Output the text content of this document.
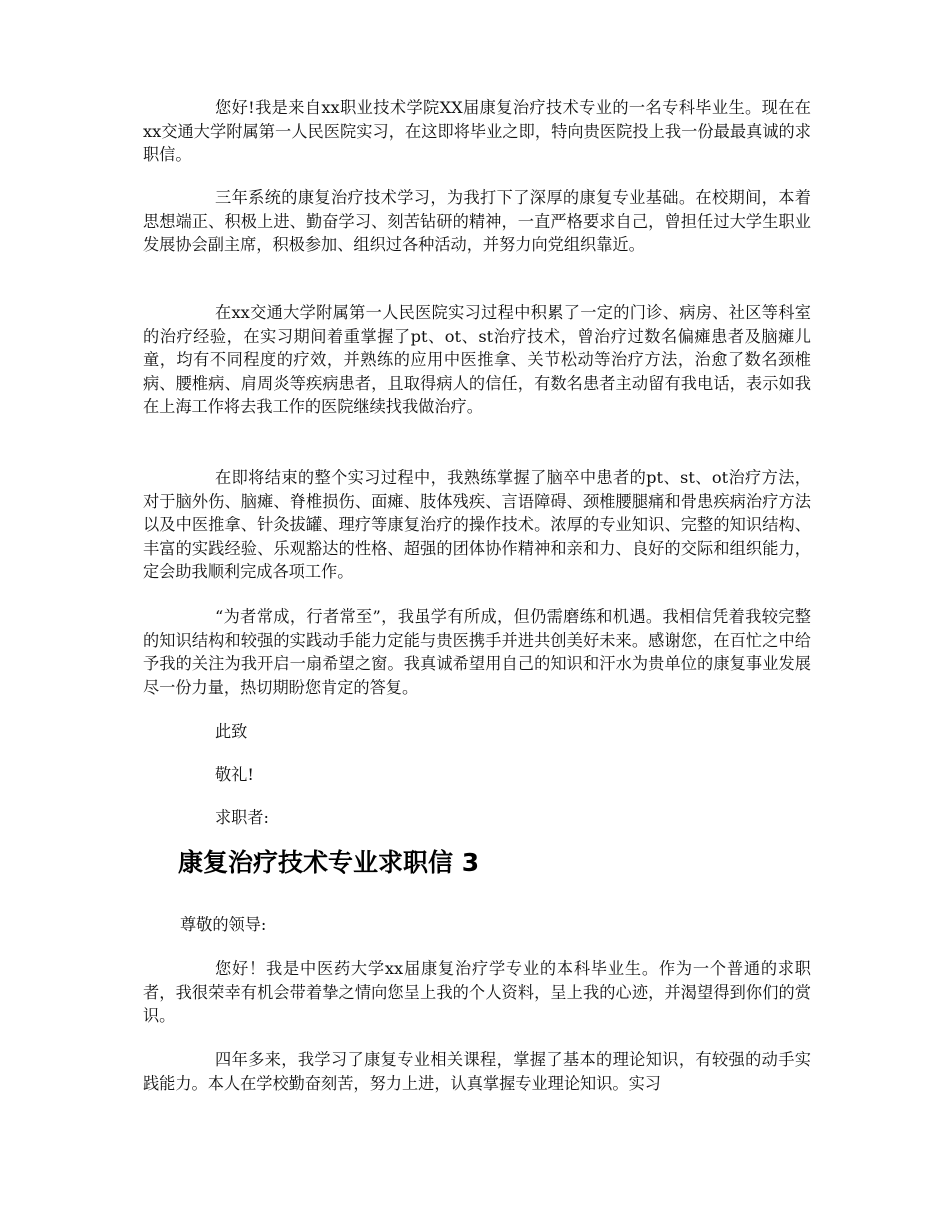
您好!我是来自xx职业技术学院XX届康复治疗技术专业的一名专科毕业生。现在在xx交通大学附属第一人民医院实习，在这即将毕业之即，特向贵医院投上我一份最最真诚的求职信。

三年系统的康复治疗技术学习，为我打下了深厚的康复专业基础。在校期间，本着思想端正、积极上进、勤奋学习、刻苦钻研的精神，一直严格要求自己，曾担任过大学生职业发展协会副主席，积极参加、组织过各种活动，并努力向党组织靠近。

在xx交通大学附属第一人民医院实习过程中积累了一定的门诊、病房、社区等科室的治疗经验，在实习期间着重掌握了pt、ot、st治疗技术，曾治疗过数名偏瘫患者及脑瘫儿童，均有不同程度的疗效，并熟练的应用中医推拿、关节松动等治疗方法，治愈了数名颈椎病、腰椎病、肩周炎等疾病患者，且取得病人的信任，有数名患者主动留有我电话，表示如我在上海工作将去我工作的医院继续找我做治疗。

在即将结束的整个实习过程中，我熟练掌握了脑卒中患者的pt、st、ot治疗方法，对于脑外伤、脑瘫、脊椎损伤、面瘫、肢体残疾、言语障碍、颈椎腰腿痛和骨患疾病治疗方法以及中医推拿、针灸拔罐、理疗等康复治疗的操作技术。浓厚的专业知识、完整的知识结构、丰富的实践经验、乐观豁达的性格、超强的团体协作精神和亲和力、良好的交际和组织能力，定会助我顺利完成各项工作。

“为者常成，行者常至”，我虽学有所成，但仍需磨练和机遇。我相信凭着我较完整的知识结构和较强的实践动手能力定能与贵医携手并进共创美好未来。感谢您，在百忙之中给予我的关注为我开启一扇希望之窗。我真诚希望用自己的知识和汗水为贵单位的康复事业发展尽一份力量，热切期盼您肯定的答复。

此致

敬礼!

求职者:

康复治疗技术专业求职信 3

尊敬的领导:

您好！我是中医药大学xx届康复治疗学专业的本科毕业生。作为一个普通的求职者，我很荣幸有机会带着挚之情向您呈上我的个人资料，呈上我的心迹，并渴望得到你们的赏识。

四年多来，我学习了康复专业相关课程，掌握了基本的理论知识，有较强的动手实践能力。本人在学校勤奋刻苦，努力上进，认真掌握专业理论知识。实习
